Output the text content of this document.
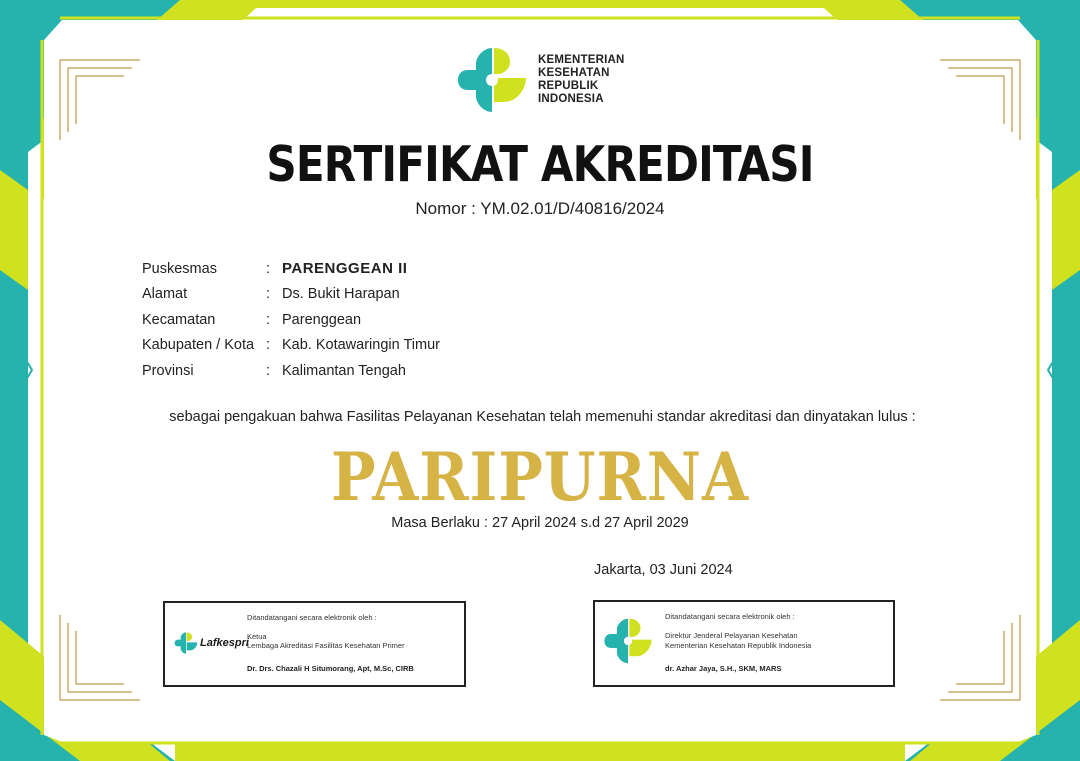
KEMENTERIAN
KESEHATAN
REPUBLIK
INDONESIA
SERTIFIKAT AKREDITASI
Nomor : YM.02.01/D/40816/2024
Puskesmas	: PARENGGEAN II
Alamat	: Ds. Bukit Harapan
Kecamatan	: Parenggean
Kabupaten / Kota : Kab. Kotawaringin Timur
Provinsi	: Kalimantan Tengah
sebagai pengakuan bahwa Fasilitas Pelayanan Kesehatan telah memenuhi standar akreditasi dan dinyatakan lulus :
PARIPURNA
Masa Berlaku : 27 April 2024 s.d 27 April 2029
Jakarta, 03 Juni 2024
Lafkespri
Ditandatangani secara elektronik oleh :
Ketua
Lembaga Akreditasi Fasilitas Kesehatan Primer
Dr. Drs. Chazali H Situmorang, Apt, M.Sc, CIRB
Ditandatangani secara elektronik oleh :
Direktur Jenderal Pelayanan Kesehatan
Kementerian Kesehatan Republik Indonesia
dr. Azhar Jaya, S.H., SKM, MARS
